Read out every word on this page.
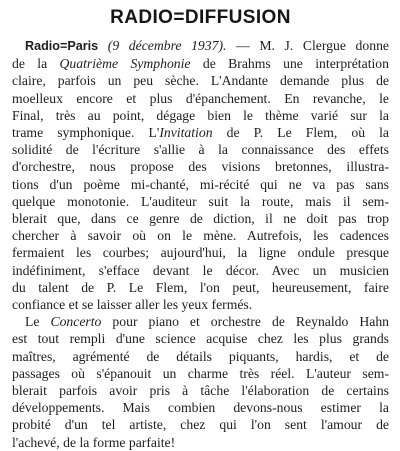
RADIO=DIFFUSION

Radio=Paris (9 décembre 1937). — M. J. Clergue donne
de la Quatrième Symphonie de Brahms une interprétation
claire, parfois un peu sèche. L'Andante demande plus de
moelleux encore et plus d'épanchement. En revanche, le
Final, très au point, dégage bien le thème varié sur la
trame symphonique. L'Invitation de P. Le Flem, où la
solidité de l'écriture s'allie à la connaissance des effets
d'orchestre, nous propose des visions bretonnes, illustra-
tions d'un poème mi-chanté, mi-récité qui ne va pas sans
quelque monotonie. L'auditeur suit la route, mais il sem-
blerait que, dans ce genre de diction, il ne doit pas trop
chercher à savoir où on le mène. Autrefois, les cadences
fermaient les courbes; aujourd'hui, la ligne ondule presque
indéfiniment, s'efface devant le décor. Avec un musicien
du talent de P. Le Flem, l'on peut, heureusement, faire
confiance et se laisser aller les yeux fermés.

Le Concerto pour piano et orchestre de Reynaldo Hahn
est tout rempli d'une science acquise chez les plus grands
maîtres, agrémenté de détails piquants, hardis, et de
passages où s'épanouit un charme très réel. L'auteur sem-
blerait parfois avoir pris à tâche l'élaboration de certains
développements. Mais combien devons-nous estimer la
probité d'un tel artiste, chez qui l'on sent l'amour de
l'achevé, de la forme parfaite!
